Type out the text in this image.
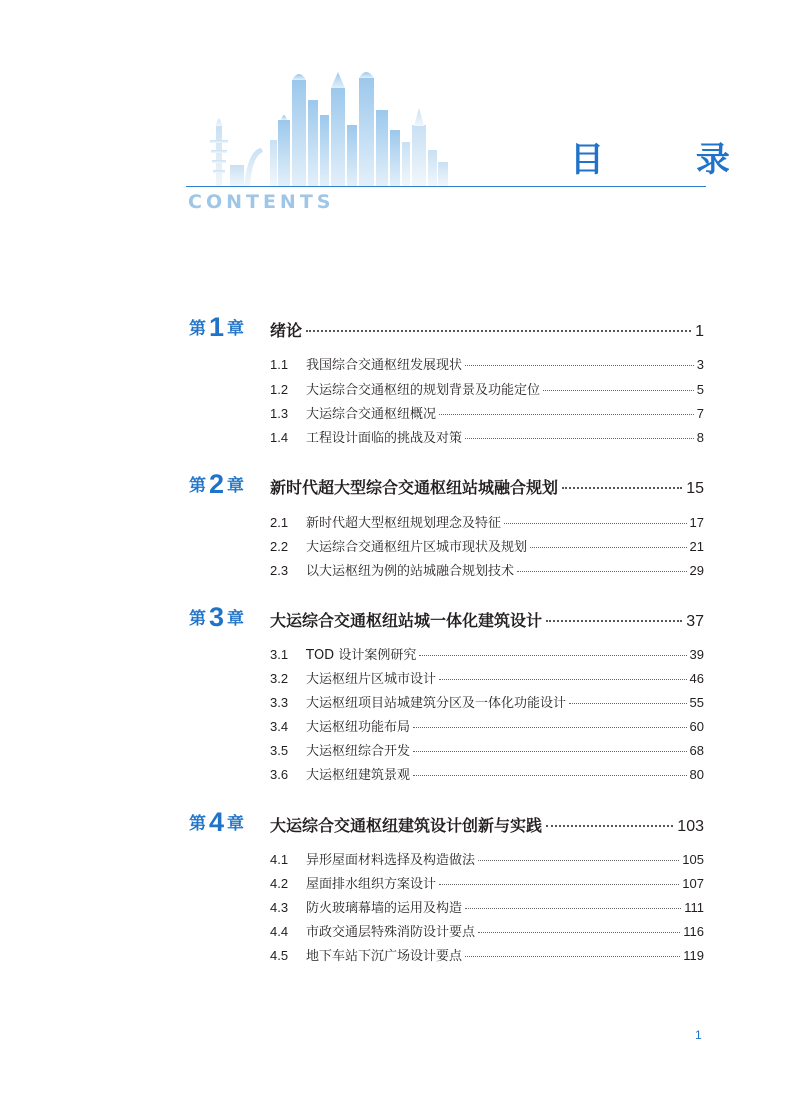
目 录
CONTENTS
第 1 章 绪论	1
1.1	我国综合交通枢纽发展现状	3
1.2	大运综合交通枢纽的规划背景及功能定位	5
1.3	大运综合交通枢纽概况	7
1.4	工程设计面临的挑战及对策	8
第 2 章 新时代超大型综合交通枢纽站城融合规划	15
2.1	新时代超大型枢纽规划理念及特征	17
2.2	大运综合交通枢纽片区城市现状及规划	21
2.3	以大运枢纽为例的站城融合规划技术	29
第 3 章 大运综合交通枢纽站城一体化建筑设计	37
3.1	TOD 设计案例研究	39
3.2	大运枢纽片区城市设计	46
3.3	大运枢纽项目站城建筑分区及一体化功能设计	55
3.4	大运枢纽功能布局	60
3.5	大运枢纽综合开发	68
3.6	大运枢纽建筑景观	80
第 4 章 大运综合交通枢纽建筑设计创新与实践	103
4.1	异形屋面材料选择及构造做法	105
4.2	屋面排水组织方案设计	107
4.3	防火玻璃幕墙的运用及构造	111
4.4	市政交通层特殊消防设计要点	116
4.5	地下车站下沉广场设计要点	119
1
